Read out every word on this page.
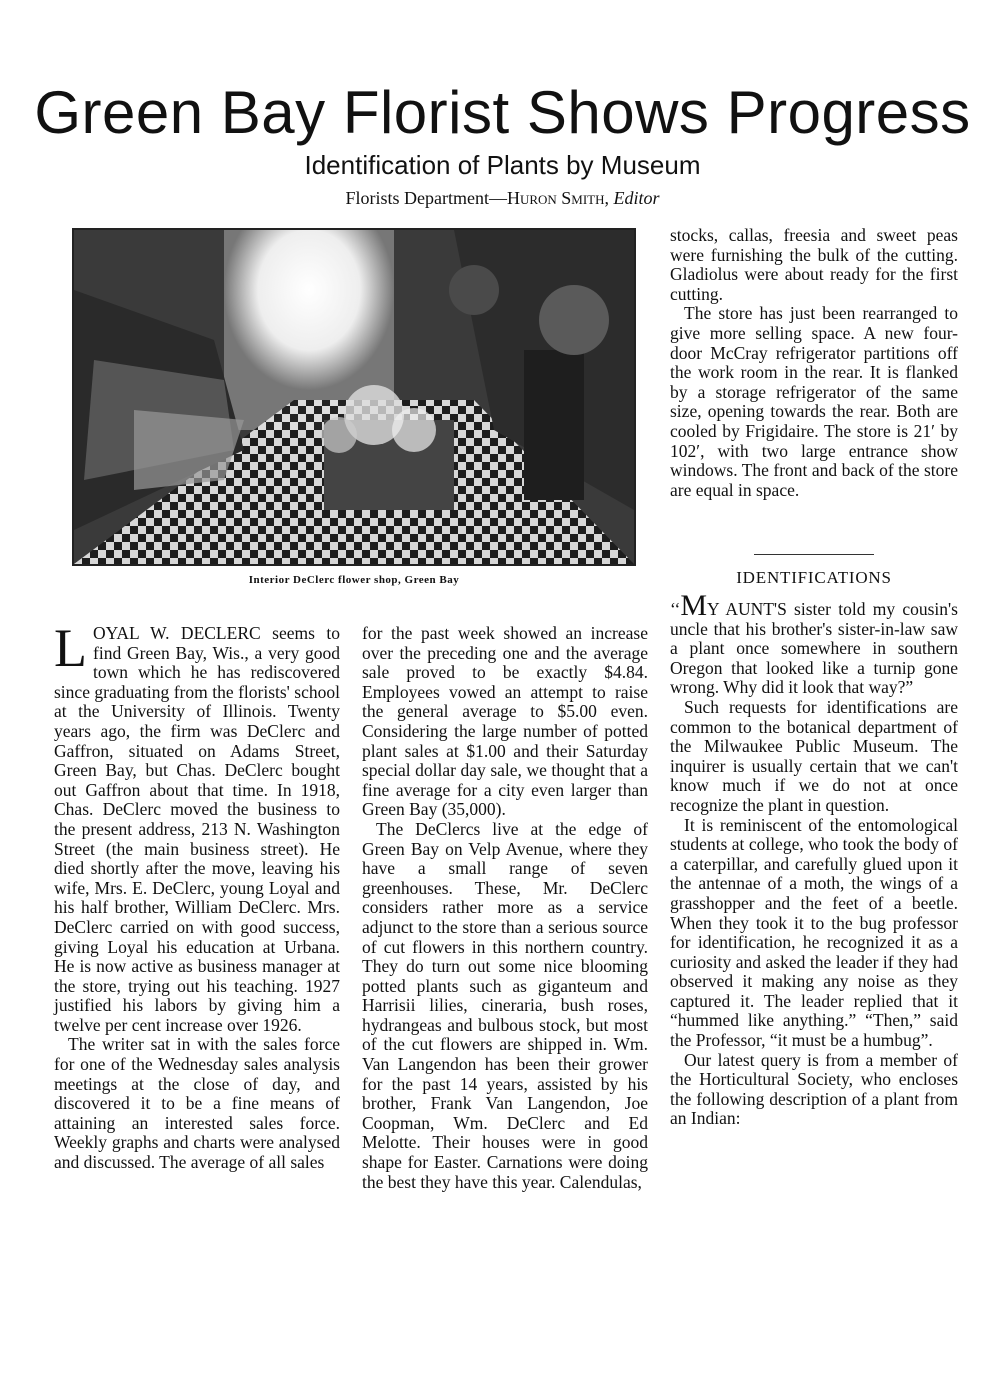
Green Bay Florist Shows Progress
Identification of Plants by Museum
Florists Department—Huron Smith, Editor
Interior DeClerc flower shop, Green Bay

LOYAL W. DECLERC seems to find Green Bay, Wis., a very good town which he has rediscovered since graduating from the florists' school at the University of Illinois. Twenty years ago, the firm was DeClerc and Gaffron, situated on Adams Street, Green Bay, but Chas. DeClerc bought out Gaffron about that time. In 1918, Chas. DeClerc moved the business to the present address, 213 N. Washington Street (the main business street). He died shortly after the move, leaving his wife, Mrs. E. DeClerc, young Loyal and his half brother, William DeClerc. Mrs. DeClerc carried on with good success, giving Loyal his education at Urbana. He is now active as business manager at the store, trying out his teaching. 1927 justified his labors by giving him a twelve per cent increase over 1926.

The writer sat in with the sales force for one of the Wednesday sales analysis meetings at the close of day, and discovered it to be a fine means of attaining an interested sales force. Weekly graphs and charts were analysed and discussed. The average of all sales

for the past week showed an increase over the preceding one and the average sale proved to be exactly $4.84. Employees vowed an attempt to raise the general average to $5.00 even. Considering the large number of potted plant sales at $1.00 and their Saturday special dollar day sale, we thought that a fine average for a city even larger than Green Bay (35,000).

The DeClercs live at the edge of Green Bay on Velp Avenue, where they have a small range of seven greenhouses. These, Mr. DeClerc considers rather more as a service adjunct to the store than a serious source of cut flowers in this northern country. They do turn out some nice blooming potted plants such as giganteum and Harrisii lilies, cineraria, bush roses, hydrangeas and bulbous stock, but most of the cut flowers are shipped in. Wm. Van Langendon has been their grower for the past 14 years, assisted by his brother, Frank Van Langendon, Joe Coopman, Wm. DeClerc and Ed Melotte. Their houses were in good shape for Easter. Carnations were doing the best they have this year. Calendulas,

stocks, callas, freesia and sweet peas were furnishing the bulk of the cutting. Gladiolus were about ready for the first cutting.

The store has just been rearranged to give more selling space. A new four-door McCray refrigerator partitions off the work room in the rear. It is flanked by a storage refrigerator of the same size, opening towards the rear. Both are cooled by Frigidaire. The store is 21′ by 102′, with two large entrance show windows. The front and back of the store are equal in space.

IDENTIFICATIONS

‘‘MY AUNT'S sister told my cousin's uncle that his brother's sister-in-law saw a plant once somewhere in southern Oregon that looked like a turnip gone wrong. Why did it look that way?”

Such requests for identifications are common to the botanical department of the Milwaukee Public Museum. The inquirer is usually certain that we can't know much if we do not at once recognize the plant in question.

It is reminiscent of the entomological students at college, who took the body of a caterpillar, and carefully glued upon it the antennae of a moth, the wings of a grasshopper and the feet of a beetle. When they took it to the bug professor for identification, he recognized it as a curiosity and asked the leader if they had observed it making any noise as they captured it. The leader replied that it “hummed like anything.” “Then,” said the Professor, “it must be a humbug”.

Our latest query is from a member of the Horticultural Society, who encloses the following description of a plant from an Indian:
